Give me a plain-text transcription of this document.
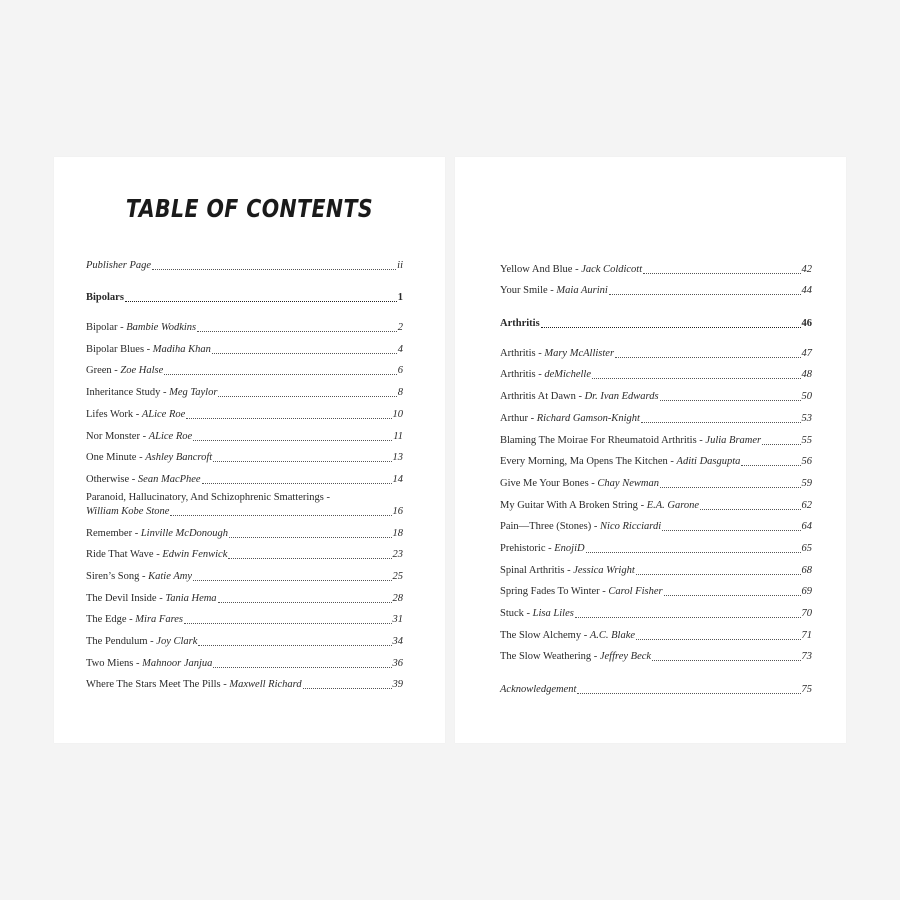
TABLE OF CONTENTS
Publisher Page	ii
Bipolars	1
Bipolar - Bambie Wodkins	2
Bipolar Blues - Madiha Khan	4
Green - Zoe Halse	6
Inheritance Study - Meg Taylor	8
Lifes Work - ALice Roe	10
Nor Monster - ALice Roe	11
One Minute - Ashley Bancroft	13
Otherwise - Sean MacPhee	14
Paranoid, Hallucinatory, And Schizophrenic Smatterings -
William Kobe Stone	16
Remember - Linville McDonough	18
Ride That Wave - Edwin Fenwick	23
Siren’s Song - Katie Amy	25
The Devil Inside - Tania Hema	28
The Edge - Mira Fares	31
The Pendulum - Joy Clark	34
Two Miens - Mahnoor Janjua	36
Where The Stars Meet The Pills - Maxwell Richard	39
Yellow And Blue - Jack Coldicott	42
Your Smile - Maia Aurini	44
Arthritis	46
Arthritis - Mary McAllister	47
Arthritis - deMichelle	48
Arthritis At Dawn - Dr. Ivan Edwards	50
Arthur - Richard Gamson-Knight	53
Blaming The Moirae For Rheumatoid Arthritis - Julia Bramer	55
Every Morning, Ma Opens The Kitchen - Aditi Dasgupta	56
Give Me Your Bones - Chay Newman	59
My Guitar With A Broken String - E.A. Garone	62
Pain—Three (Stones) - Nico Ricciardi	64
Prehistoric - EnojiD	65
Spinal Arthritis - Jessica Wright	68
Spring Fades To Winter - Carol Fisher	69
Stuck - Lisa Liles	70
The Slow Alchemy - A.C. Blake	71
The Slow Weathering - Jeffrey Beck	73
Acknowledgement	75
